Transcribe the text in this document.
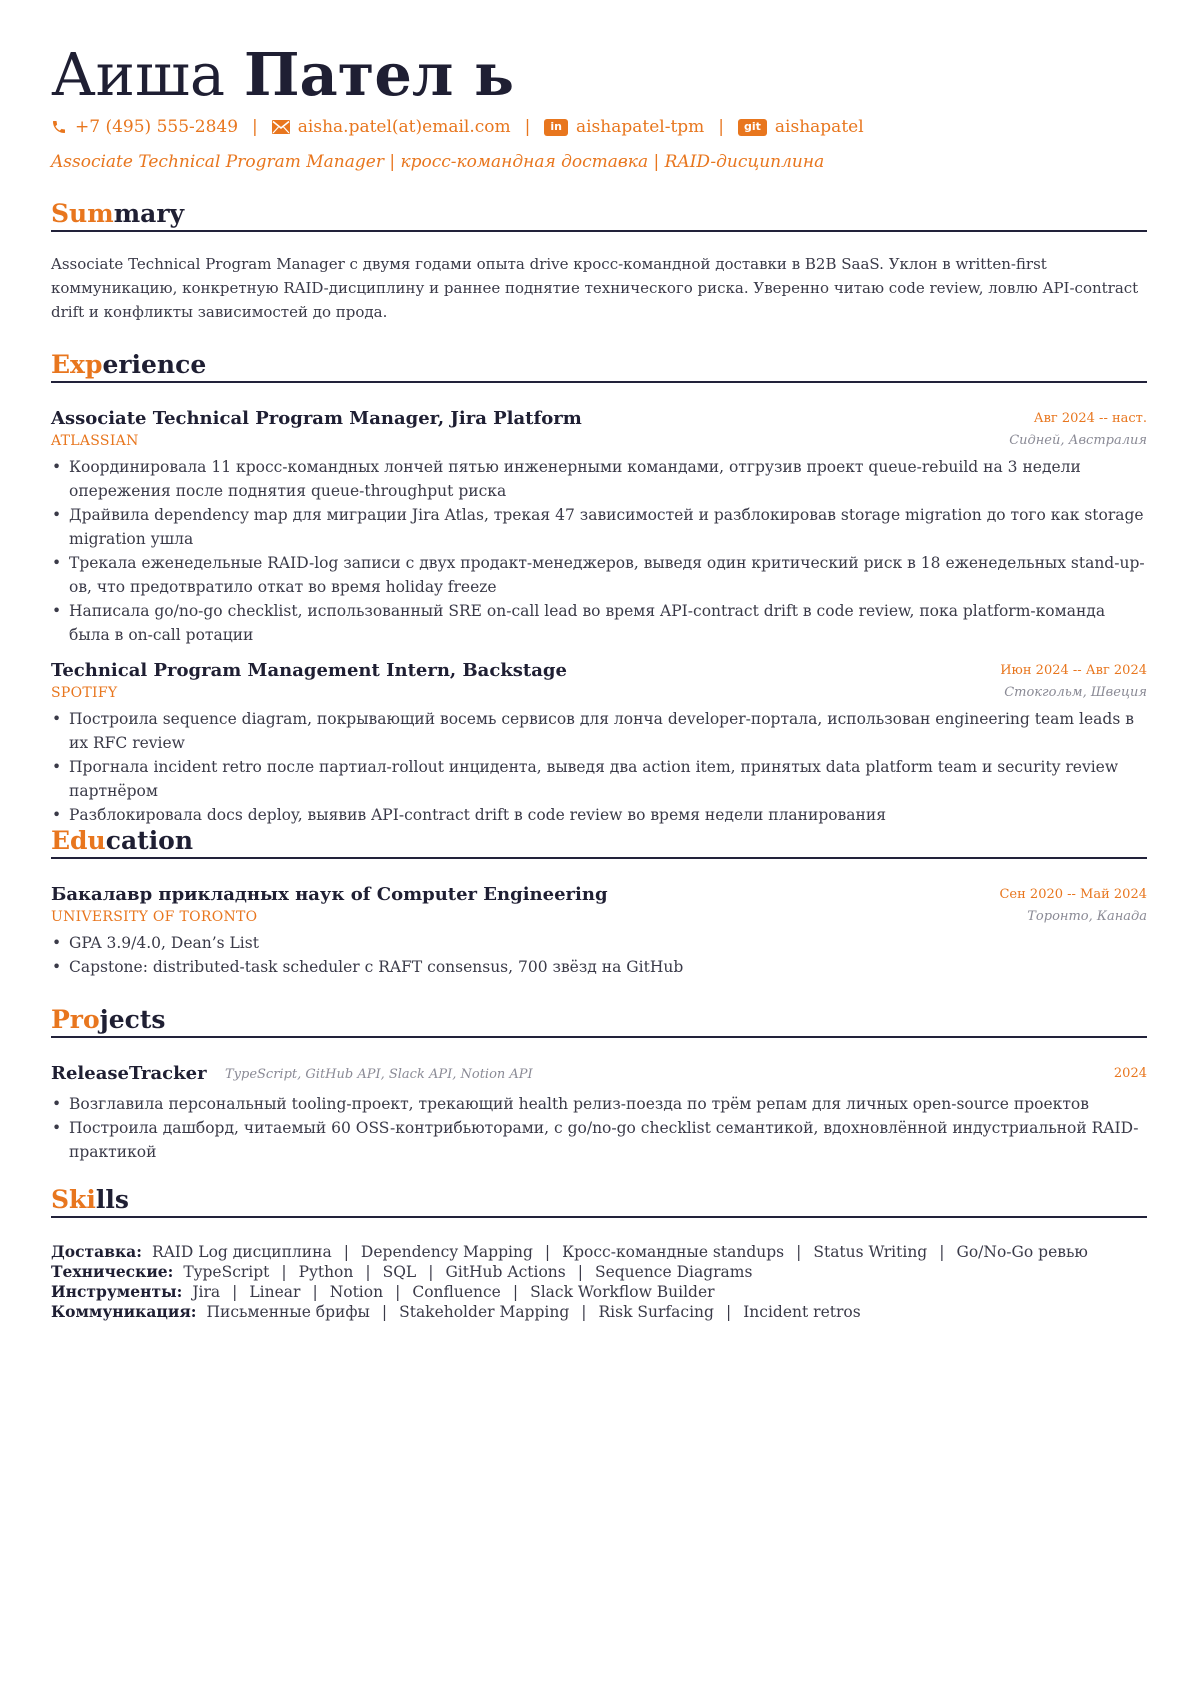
Аиша Пател ь
+7 (495) 555-2849 | aisha.patel(at)email.com |	in aishapatel-tpm |	git aishapatel
Associate Technical Program Manager | кросс-командная доставка | RAID-дисциплина
Summary
Associate Technical Program Manager с двумя годами опыта drive кросс-командной доставки в B2B SaaS. Уклон в written-first коммуникацию, конкретную RAID-дисциплину и раннее поднятие технического риска. Уверенно читаю code review, ловлю API-contract drift и конфликты зависимостей до прода.
Experience
Associate Technical Program Manager, Jira Platform	Авг 2024 -- наст.
ATLASSIAN	Сидней, Австралия
• Координировала 11 кросс-командных лончей пятью инженерными командами, отгрузив проект queue-rebuild на 3 недели опережения после поднятия queue-throughput риска
• Драйвила dependency map для миграции Jira Atlas, трекая 47 зависимостей и разблокировав storage migration до того как storage migration ушла
• Трекала еженедельные RAID-log записи с двух продакт-менеджеров, выведя один критический риск в 18 еженедельных stand-up-ов, что предотвратило откат во время holiday freeze
• Написала go/no-go checklist, использованный SRE on-call lead во время API-contract drift в code review, пока platform-команда была в on-call ротации
Technical Program Management Intern, Backstage	Июн 2024 -- Авг 2024
SPOTIFY	Стокгольм, Швеция
• Построила sequence diagram, покрывающий восемь сервисов для лонча developer-портала, использован engineering team leads в их RFC review
• Прогнала incident retro после партиал-rollout инцидента, выведя два action item, принятых data platform team и security review партнёром
• Разблокировала docs deploy, выявив API-contract drift в code review во время недели планирования
Education
Бакалавр прикладных наук of Computer Engineering	Сен 2020 -- Май 2024
UNIVERSITY OF TORONTO	Торонто, Канада
• GPA 3.9/4.0, Dean’s List
• Capstone: distributed-task scheduler с RAFT consensus, 700 звёзд на GitHub
Projects
ReleaseTracker TypeScript, GitHub API, Slack API, Notion API	2024
• Возглавила персональный tooling-проект, трекающий health релиз-поезда по трём репам для личных open-source проектов
• Построила дашборд, читаемый 60 OSS-контрибьюторами, с go/no-go checklist семантикой, вдохновлённой индустриальной RAID-практикой
Skills
Доставка: RAID Log дисциплина | Dependency Mapping | Кросс-командные standups | Status Writing | Go/No-Go ревью
Технические: TypeScript | Python | SQL | GitHub Actions | Sequence Diagrams
Инструменты: Jira | Linear | Notion | Confluence | Slack Workflow Builder
Коммуникация: Письменные брифы | Stakeholder Mapping | Risk Surfacing | Incident retros
